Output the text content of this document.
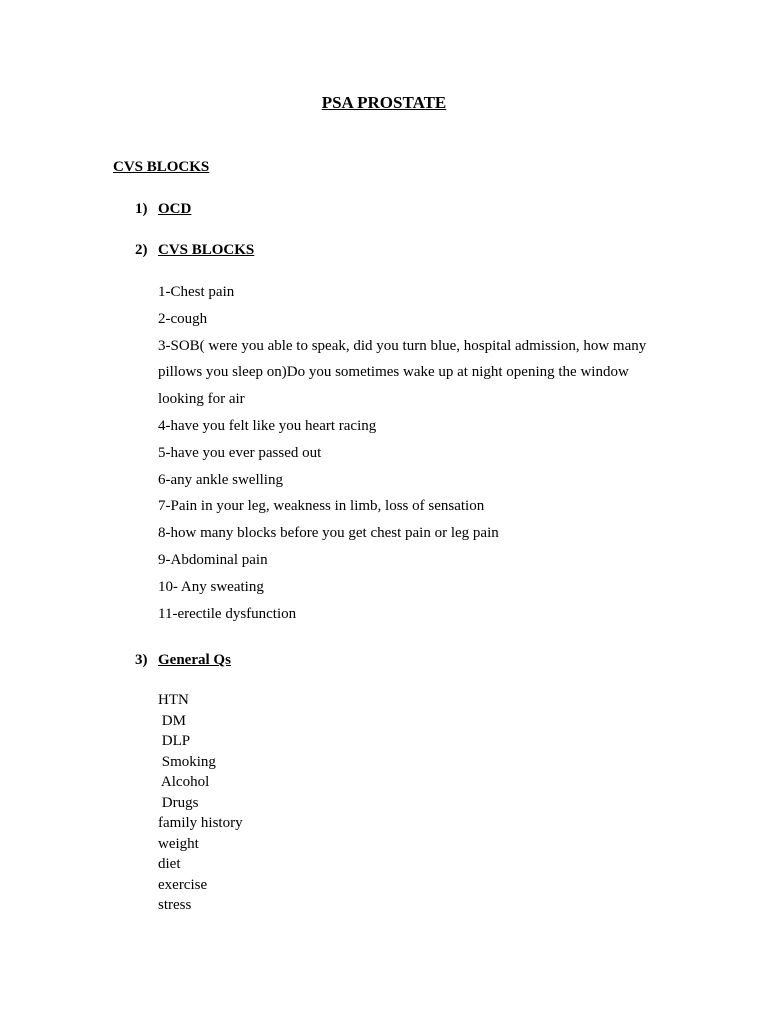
PSA PROSTATE
CVS BLOCKS
1) OCD
2) CVS BLOCKS
1-Chest pain
2-cough
3-SOB( were you able to speak, did you turn blue, hospital admission, how many
pillows you sleep on)Do you sometimes wake up at night opening the window
looking for air
4-have you felt like you heart racing
5-have you ever passed out
6-any ankle swelling
7-Pain in your leg, weakness in limb, loss of sensation
8-how many blocks before you get chest pain or leg pain
9-Abdominal pain
10- Any sweating
11-erectile dysfunction
3) General Qs
HTN
DM
DLP
Smoking
Alcohol
Drugs
family history
weight
diet
exercise
stress
